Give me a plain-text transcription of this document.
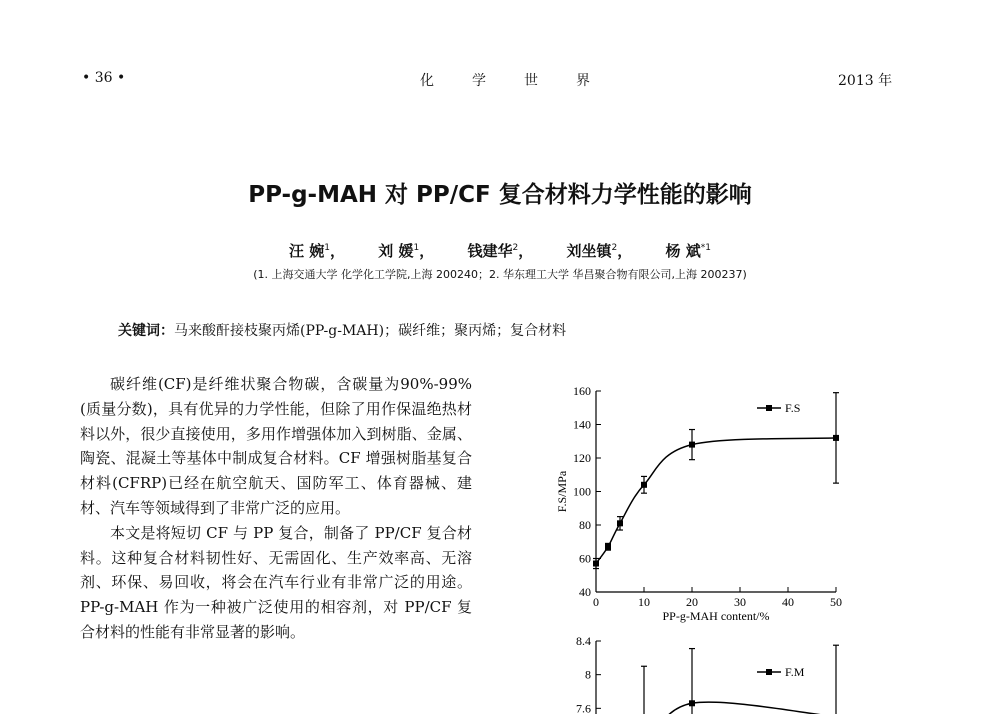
• 36 •	化学世界	2013 年
PP-g-MAH 对 PP/CF 复合材料力学性能的影响
汪 婉$^1$， 刘 媛$^1$， 钱建华$^2$， 刘坐镇$^2$， 杨 斌$^{*1}$
(1. 上海交通大学 化学化工学院,上海 200240；2. 华东理工大学 华昌聚合物有限公司,上海 200237)
关键词：马来酸酐接枝聚丙烯(PP-g-MAH)；碳纤维；聚丙烯；复合材料

碳纤维(CF)是纤维状聚合物碳，含碳量为90%-99%(质量分数)，具有优异的力学性能，但除了用作保温绝热材料以外，很少直接使用，多用作增强体加入到树脂、金属、陶瓷、混凝土等基体中制成复合材料。CF 增强树脂基复合材料(CFRP)已经在航空航天、国防军工、体育器械、建材、汽车等领域得到了非常广泛的应用。

本文是将短切 CF 与 PP 复合，制备了 PP/CF 复合材料。这种复合材料韧性好、无需固化、生产效率高、无溶剂、环保、易回收，将会在汽车行业有非常广泛的用途。PP-g-MAH 作为一种被广泛使用的相容剂，对 PP/CF 复合材料的性能有非常显著的影响。

40
60
80
100
120
140
160
0	10	20	30	40	50
PP-g-MAH content/%
F.S/MPa
F.S
7.6
8
8.4
F.M
